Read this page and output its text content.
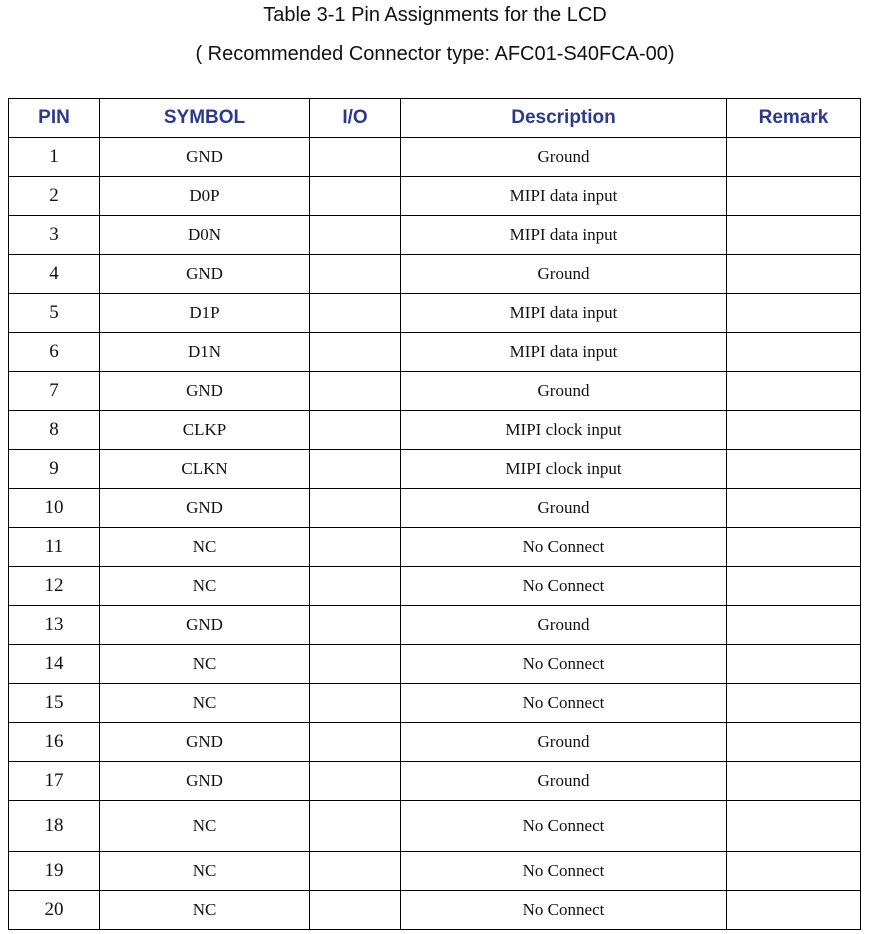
Table 3-1 Pin Assignments for the LCD
( Recommended Connector type: AFC01-S40FCA-00)
PIN	SYMBOL	I/O	Description	Remark
1	GND		Ground	
2	D0P		MIPI data input	
3	D0N		MIPI data input	
4	GND		Ground	
5	D1P		MIPI data input	
6	D1N		MIPI data input	
7	GND		Ground	
8	CLKP		MIPI clock input	
9	CLKN		MIPI clock input	
10	GND		Ground	
11	NC		No Connect	
12	NC		No Connect	
13	GND		Ground	
14	NC		No Connect	
15	NC		No Connect	
16	GND		Ground	
17	GND		Ground	
18	NC		No Connect	
19	NC		No Connect	
20	NC		No Connect	
